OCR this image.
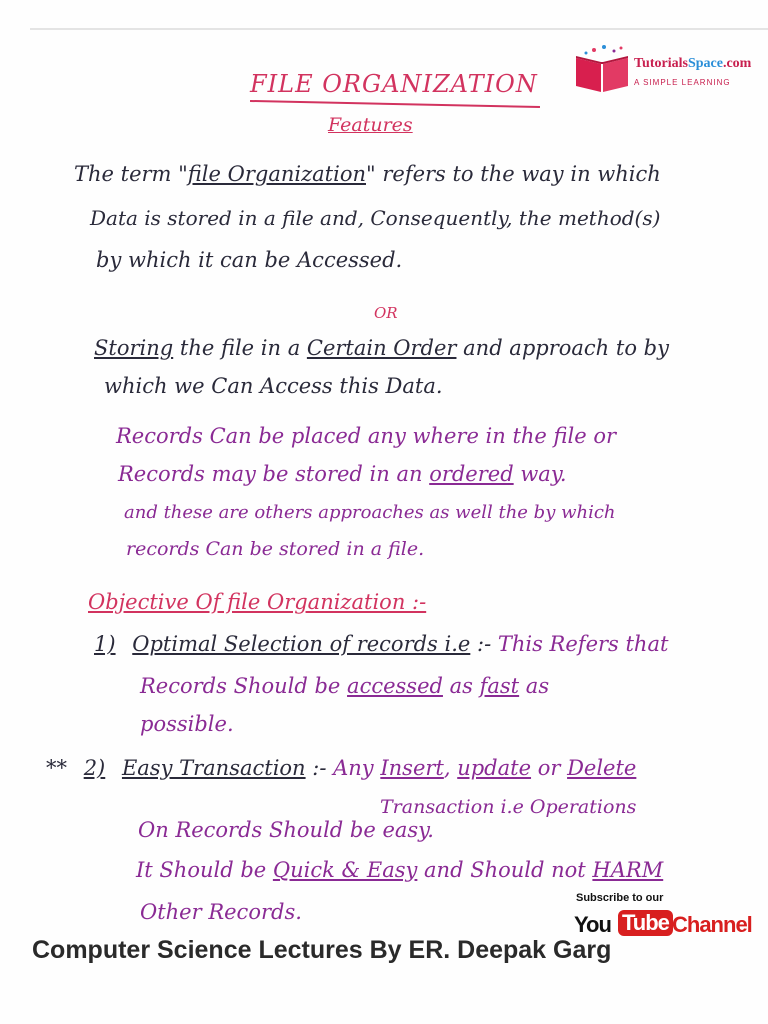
TutorialsSpace.com
A SIMPLE LEARNING
FILE ORGANIZATION
Features
The term "file Organization" refers to the way in which
Data is stored in a file and, Consequently, the method(s)
by which it can be Accessed.
OR
Storing the file in a Certain Order and approach to by
which we Can Access this Data.
Records Can be placed any where in the file or
Records may be stored in an ordered way.
and these are others approaches as well the by which
records Can be stored in a file.
Objective Of file Organization :-
1) Optimal Selection of records i.e :- This Refers that
Records Should be accessed as fast as
possible.
** 2) Easy Transaction :- Any Insert, update or Delete
Transaction i.e Operations
On Records Should be easy.
It Should be Quick & Easy and Should not HARM
Other Records.
Subscribe to our
You Tube Channel
Computer Science Lectures By ER. Deepak Garg
